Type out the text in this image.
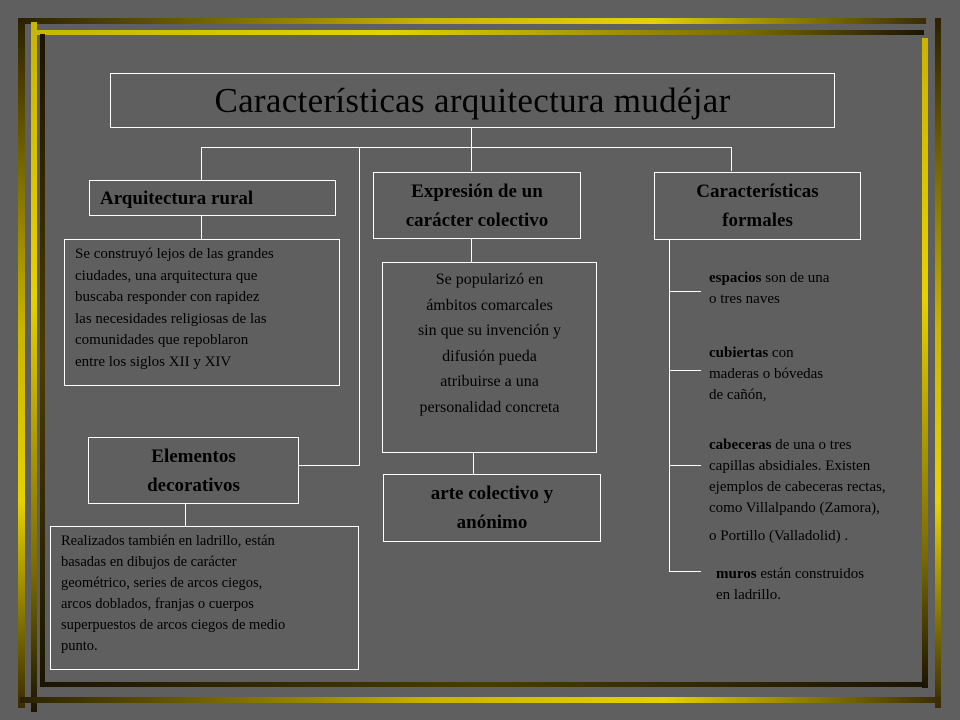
Características arquitectura mudéjar
Arquitectura rural
Se construyó lejos de las grandes
ciudades, una arquitectura que
buscaba responder con rapidez
las necesidades religiosas de las
comunidades que repoblaron
entre los siglos XII y XIV
Expresión de un
carácter colectivo
Se popularizó en
ámbitos comarcales
sin que su invención y
difusión pueda
atribuirse a una
personalidad concreta
arte colectivo y
anónimo
Características
formales
espacios son de una
o tres naves
cubiertas con
maderas o bóvedas
de cañón,
cabeceras de una o tres
capillas absidiales. Existen
ejemplos de cabeceras rectas,
como Villalpando (Zamora),
o Portillo (Valladolid) .
muros están construidos
en ladrillo.
Elementos
decorativos
Realizados también en ladrillo, están
basadas en dibujos de carácter
geométrico, series de arcos ciegos,
arcos doblados, franjas o cuerpos
superpuestos de arcos ciegos de medio
punto.
